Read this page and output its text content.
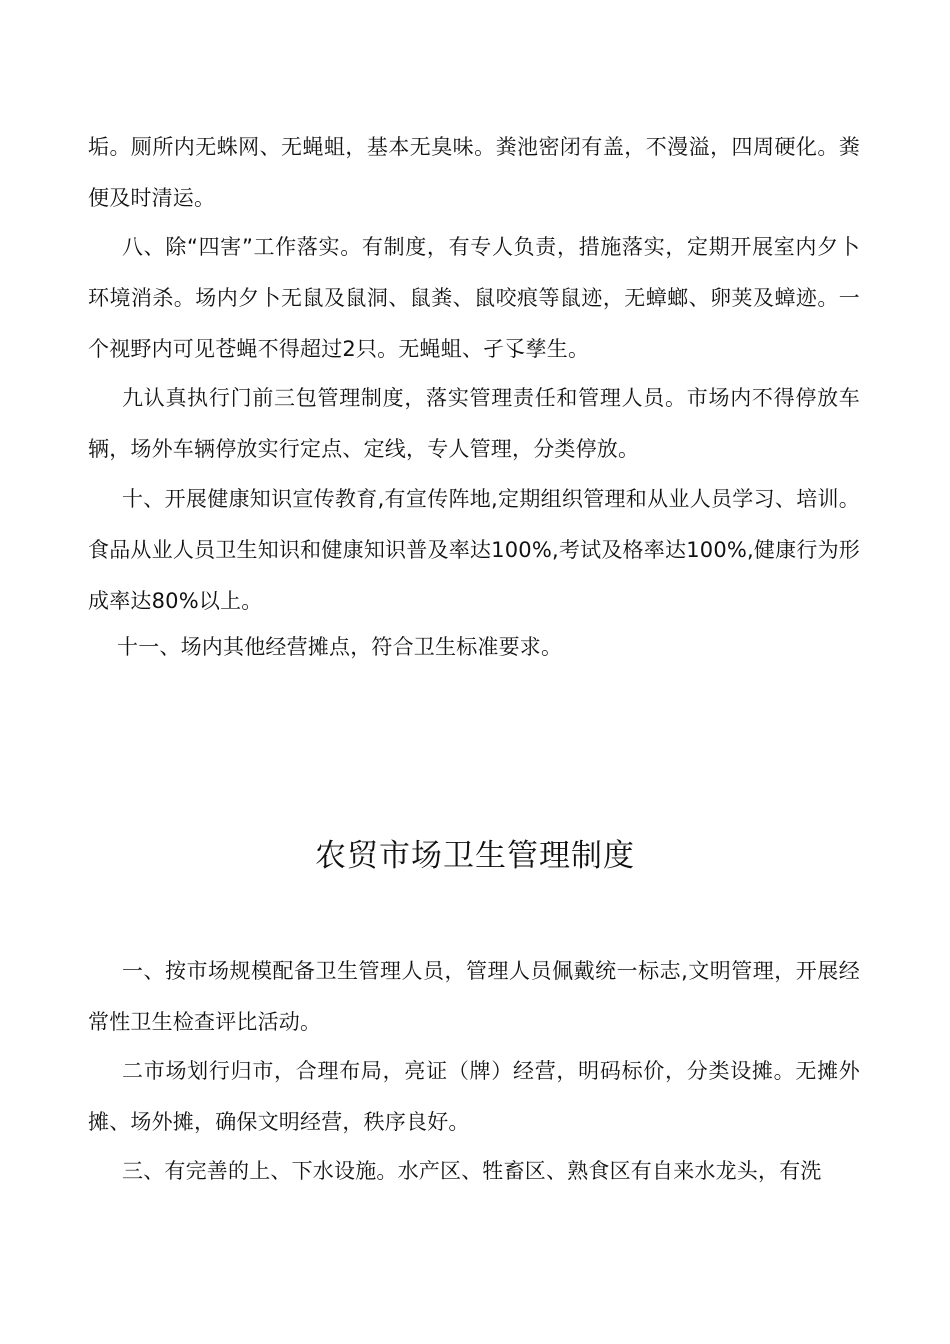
垢。厕所内无蛛网、无蝇蛆，基本无臭味。粪池密闭有盖，不漫溢，四周硬化。粪便及时清运。

八、除“四害”工作落实。有制度，有专人负责，措施落实，定期开展室内夕卜环境消杀。场内夕卜无鼠及鼠洞、鼠粪、鼠咬痕等鼠迹，无蟑螂、卵荚及蟑迹。一个视野内可见苍蝇不得超过2只。无蝇蛆、孑孓孳生。

九认真执行门前三包管理制度，落实管理责任和管理人员。市场内不得停放车辆，场外车辆停放实行定点、定线，专人管理，分类停放。

十、开展健康知识宣传教育,有宣传阵地,定期组织管理和从业人员学习、培训。食品从业人员卫生知识和健康知识普及率达100%,考试及格率达100%,健康行为形成率达80%以上。

十一、场内其他经营摊点，符合卫生标准要求。

农贸市场卫生管理制度

一、按市场规模配备卫生管理人员，管理人员佩戴统一标志,文明管理，开展经常性卫生检查评比活动。

二市场划行归市，合理布局，亮证（牌）经营，明码标价，分类设摊。无摊外摊、场外摊，确保文明经营，秩序良好。

三、有完善的上、下水设施。水产区、牲畜区、熟食区有自来水龙头，有洗
